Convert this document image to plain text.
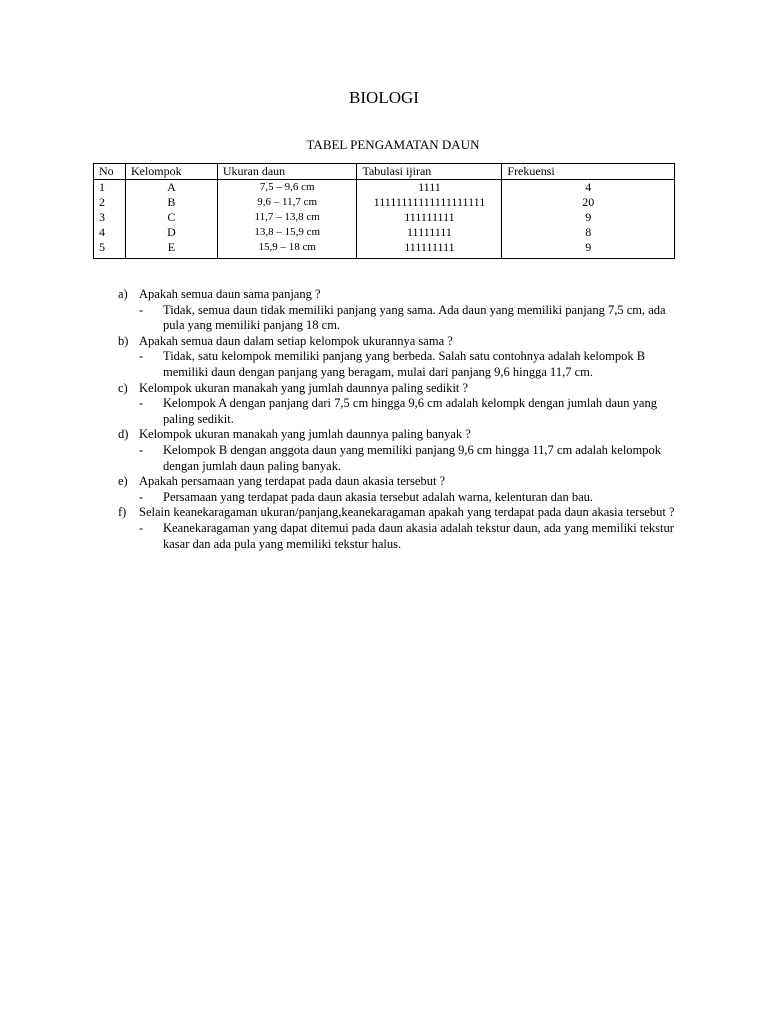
BIOLOGI
TABEL PENGAMATAN DAUN
No	Kelompok	Ukuran daun	Tabulasi ijiran	Frekuensi
1	A	7,5 – 9,6 cm	1111	4
2	B	9,6 – 11,7 cm	11111111111111111111	20
3	C	11,7 – 13,8 cm	111111111	9
4	D	13,8 – 15,9 cm	11111111	8
5	E	15,9 – 18 cm	111111111	9
a) Apakah semua daun sama panjang ?
-	Tidak, semua daun tidak memiliki panjang yang sama. Ada daun yang memiliki panjang 7,5 cm, ada pula yang memiliki panjang 18 cm.
b) Apakah semua daun dalam setiap kelompok ukurannya sama ?
-	Tidak, satu kelompok memiliki panjang yang berbeda. Salah satu contohnya adalah kelompok B memiliki daun dengan panjang yang beragam, mulai dari panjang 9,6 hingga 11,7 cm.
c) Kelompok ukuran manakah yang jumlah daunnya paling sedikit ?
-	Kelompok A dengan panjang dari 7,5 cm hingga 9,6 cm adalah kelompk dengan jumlah daun yang paling sedikit.
d) Kelompok ukuran manakah yang jumlah daunnya paling banyak ?
-	Kelompok B dengan anggota daun yang memiliki panjang 9,6 cm hingga 11,7 cm adalah kelompok dengan jumlah daun paling banyak.
e) Apakah persamaan yang terdapat pada daun akasia tersebut ?
-	Persamaan yang terdapat pada daun akasia tersebut adalah warna, kelenturan dan bau.
f)	Selain keanekaragaman ukuran/panjang,keanekaragaman apakah yang terdapat pada daun akasia tersebut ?
-	Keanekaragaman yang dapat ditemui pada daun akasia adalah tekstur daun, ada yang memiliki tekstur kasar dan ada pula yang memiliki tekstur halus.
